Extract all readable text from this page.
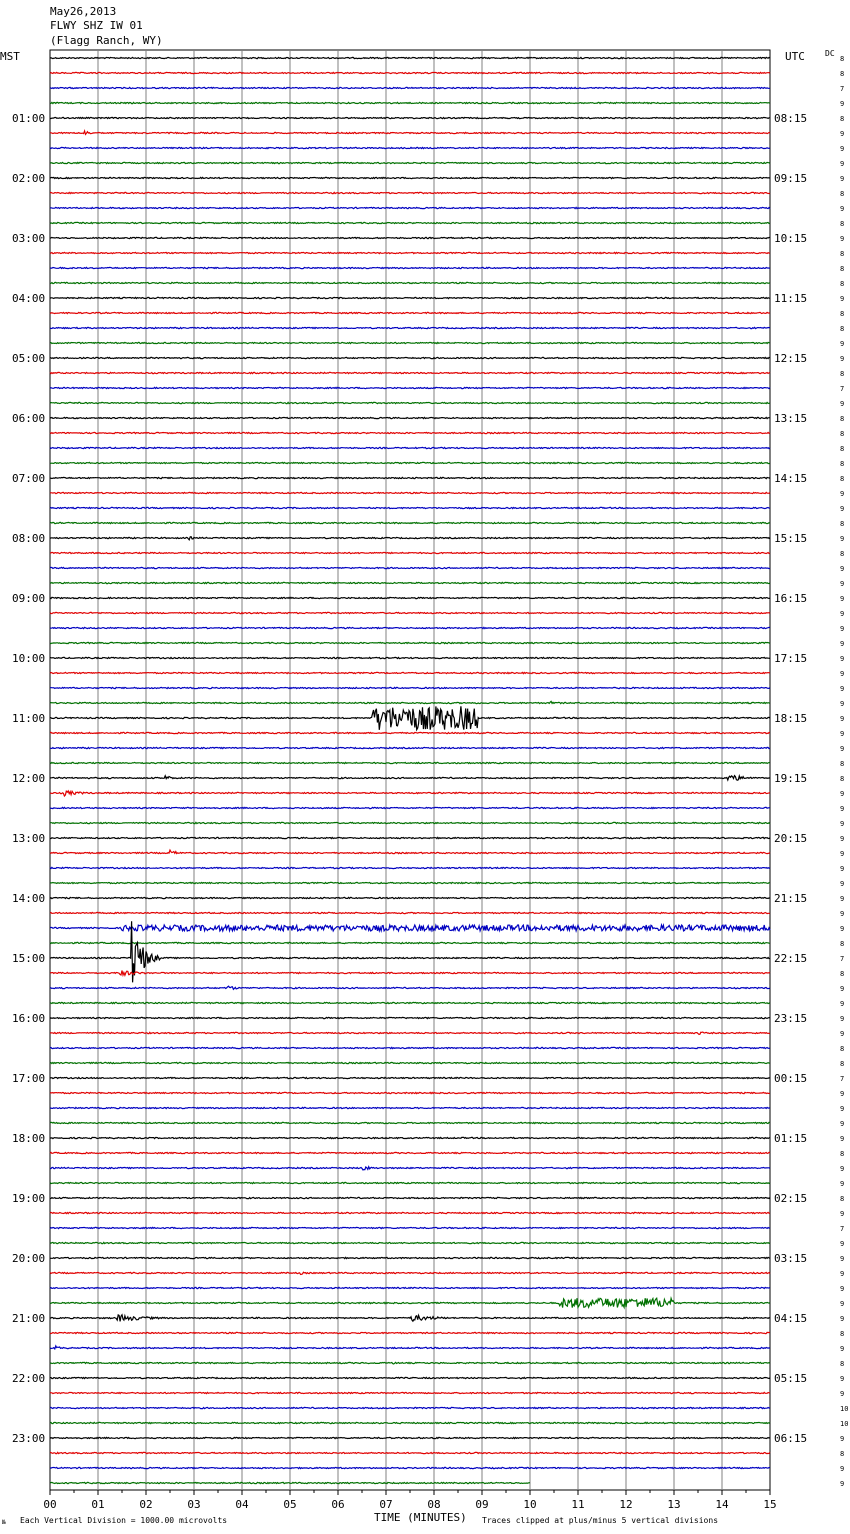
May26,2013
FLWY SHZ IW 01
(Flagg Ranch, WY)
MST	UTC	DC
01:00
02:00
03:00
04:00
05:00
06:00
07:00
08:00
09:00
10:00
11:00
12:00
13:00
14:00
15:00
16:00
17:00
18:00
19:00
20:00
21:00
22:00
23:00
08:15
09:15
10:15
11:15
12:15
13:15
14:15
15:15
16:15
17:15
18:15
19:15
20:15
21:15
22:15
23:15
00:15
01:15
02:15
03:15
04:15
05:15
06:15
8
8
7
9
8
9
9
9
9
8
9
8
9
8
8
8
9
8
8
9
9
8
7
9
8
8
8
8
8
9
9
8
9
8
9
9
9
9
9
9
9
9
9
9
9
9
9
8
8
9
9
9
9
9
9
9
9
9
9
8
7
8
9
9
9
9
8
8
7
9
9
9
9
8
9
9
8
9
7
9
9
9
9
9
9
8
9
8
9
9
10
10
9
8
9
9
00	01	02	03	04	05	06	07	08	09	10	11	12	13	14	15
TIME (MINUTES)
Each Vertical Division = 1000.00 microvolts	Traces clipped at plus/minus 5 vertical divisions
№
